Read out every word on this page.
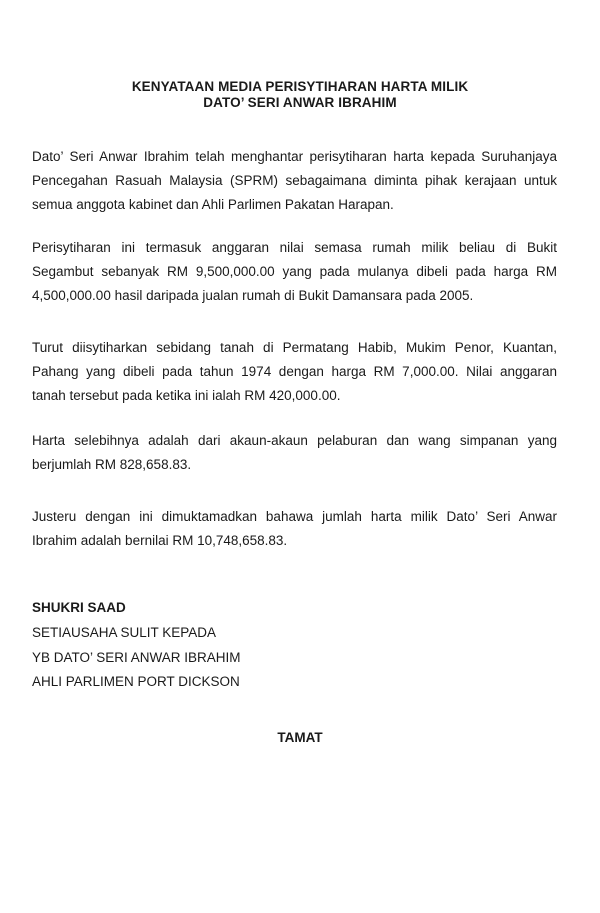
KENYATAAN MEDIA PERISYTIHARAN HARTA MILIK
DATO’ SERI ANWAR IBRAHIM
Dato’ Seri Anwar Ibrahim telah menghantar perisytiharan harta kepada Suruhanjaya
Pencegahan Rasuah Malaysia (SPRM) sebagaimana diminta pihak kerajaan untuk
semua anggota kabinet dan Ahli Parlimen Pakatan Harapan.
Perisytiharan ini termasuk anggaran nilai semasa rumah milik beliau di Bukit
Segambut sebanyak RM 9,500,000.00 yang pada mulanya dibeli pada harga RM
4,500,000.00 hasil daripada jualan rumah di Bukit Damansara pada 2005.
Turut diisytiharkan sebidang tanah di Permatang Habib, Mukim Penor, Kuantan,
Pahang yang dibeli pada tahun 1974 dengan harga RM 7,000.00. Nilai anggaran
tanah tersebut pada ketika ini ialah RM 420,000.00.
Harta selebihnya adalah dari akaun-akaun pelaburan dan wang simpanan yang
berjumlah RM 828,658.83.
Justeru dengan ini dimuktamadkan bahawa jumlah harta milik Dato’ Seri Anwar
Ibrahim adalah bernilai RM 10,748,658.83.
SHUKRI SAAD
SETIAUSAHA SULIT KEPADA
YB DATO’ SERI ANWAR IBRAHIM
AHLI PARLIMEN PORT DICKSON
TAMAT
